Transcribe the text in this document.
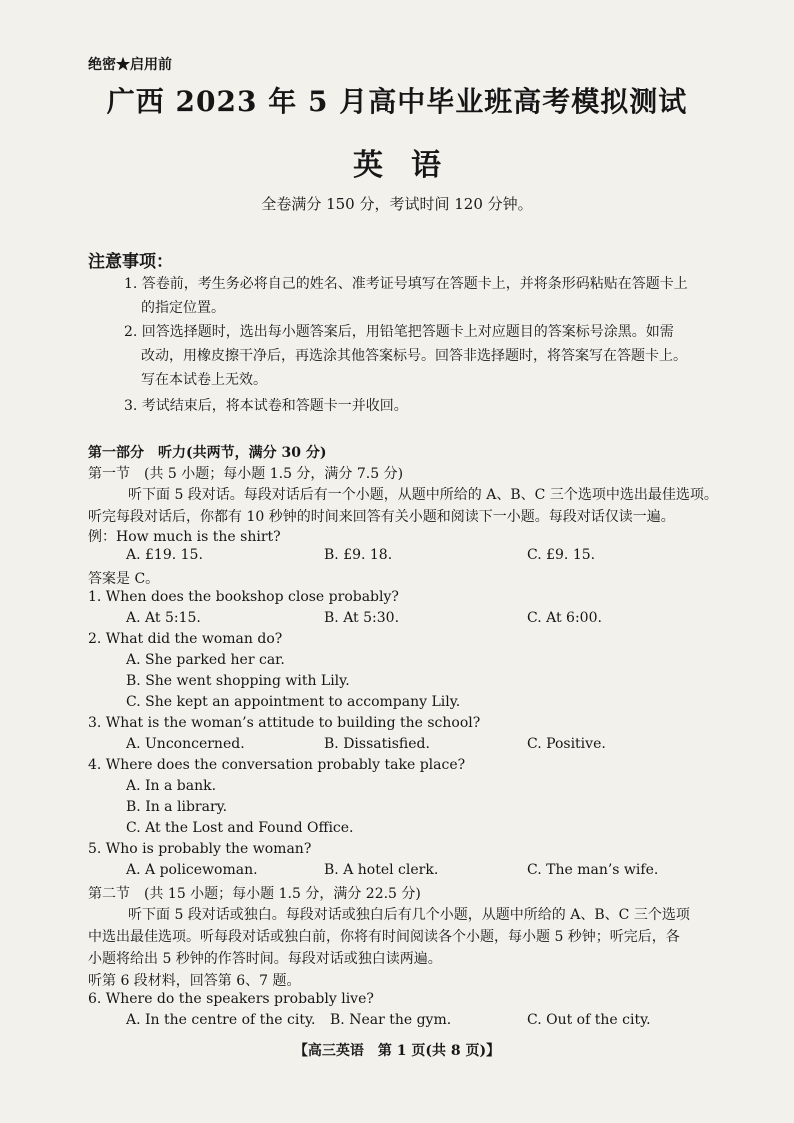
绝密★启用前
广西 2023 年 5 月高中毕业班高考模拟测试
英语
全卷满分 150 分，考试时间 120 分钟。
注意事项：
1. 答卷前，考生务必将自己的姓名、准考证号填写在答题卡上，并将条形码粘贴在答题卡上
的指定位置。
2. 回答选择题时，选出每小题答案后，用铅笔把答题卡上对应题目的答案标号涂黑。如需
改动，用橡皮擦干净后，再选涂其他答案标号。回答非选择题时，将答案写在答题卡上。
写在本试卷上无效。
3. 考试结束后，将本试卷和答题卡一并收回。
第一部分　听力(共两节，满分 30 分)
第一节　(共 5 小题；每小题 1.5 分，满分 7.5 分)
听下面 5 段对话。每段对话后有一个小题，从题中所给的 A、B、C 三个选项中选出最佳选项。
听完每段对话后，你都有 10 秒钟的时间来回答有关小题和阅读下一小题。每段对话仅读一遍。
例：How much is the shirt?
A. £19. 15.	B. £9. 18.	C. £9. 15.
答案是 C。
1. When does the bookshop close probably?
A. At 5:15.	B. At 5:30.	C. At 6:00.
2. What did the woman do?
A. She parked her car.
B. She went shopping with Lily.
C. She kept an appointment to accompany Lily.
3. What is the woman’s attitude to building the school?
A. Unconcerned.	B. Dissatisfied.	C. Positive.
4. Where does the conversation probably take place?
A. In a bank.
B. In a library.
C. At the Lost and Found Office.
5. Who is probably the woman?
A. A policewoman.	B. A hotel clerk.	C. The man’s wife.
第二节　(共 15 小题；每小题 1.5 分，满分 22.5 分)
听下面 5 段对话或独白。每段对话或独白后有几个小题，从题中所给的 A、B、C 三个选项
中选出最佳选项。听每段对话或独白前，你将有时间阅读各个小题，每小题 5 秒钟；听完后，各
小题将给出 5 秒钟的作答时间。每段对话或独白读两遍。
听第 6 段材料，回答第 6、7 题。
6. Where do the speakers probably live?
A. In the centre of the city. B. Near the gym.	C. Out of the city.
【高三英语　第 1 页(共 8 页)】
